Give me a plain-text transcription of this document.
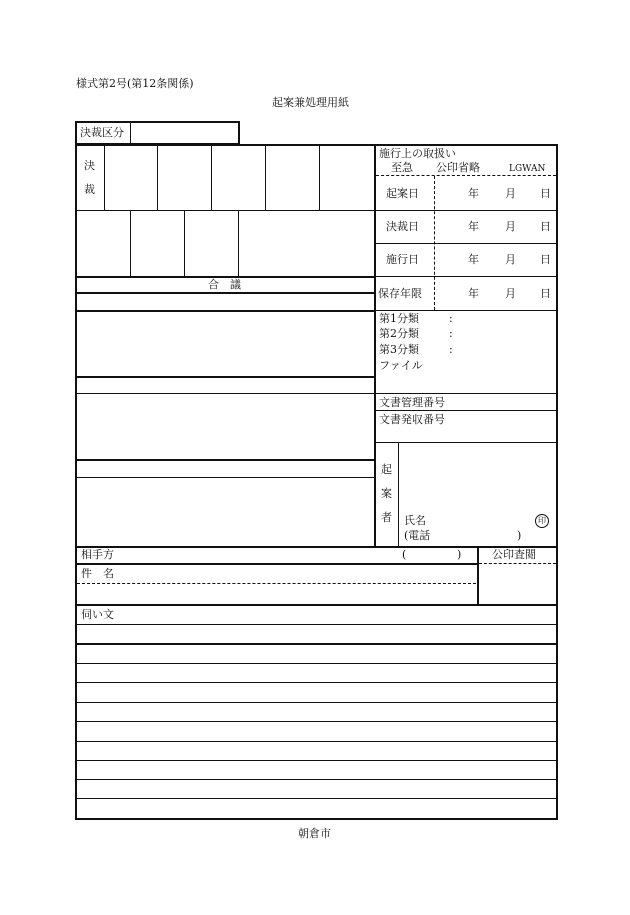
様式第2号(第12条関係)
起案兼処理用紙
決裁区分
決
裁
合　議
施行上の取扱い
至急 公印省略	LGWAN
起案日	年 月 日
決裁日	年 月 日
施行日	年 月 日
保存年限	年 月 日
第1分類	:
第2分類	:
第3分類	:
ファイル
文書管理番号
文書発収番号
起
案
者 氏名	印
(電話	)
相手方	(	)	公印査閲
件　名
伺い文
朝倉市
